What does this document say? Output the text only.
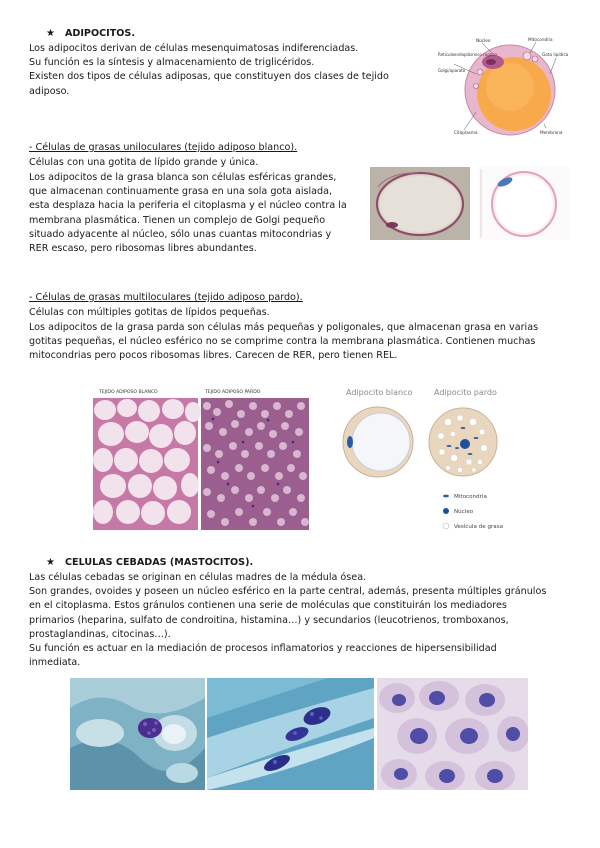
★ ADIPOCITOS.

Los adipocitos derivan de células mesenquimatosas indiferenciadas.

Su función es la síntesis y almacenamiento de triglicéridos.

Existen dos tipos de células adiposas, que constituyen dos clases de tejido

adiposo.

Núcleo	Mitocondria
Reticuloendoplásmico rugoso
Golgi/aparato
Gota lipídica
Citoplasma	Membrana
- Células de grasas uniloculares (tejido adiposo blanco).
Células con una gotita de lípido grande y única.

Los adipocitos de la grasa blanca son células esféricas grandes,

que almacenan continuamente grasa en una sola gota aislada,

esta desplaza hacia la periferia el citoplasma y el núcleo contra la

membrana plasmática. Tienen un complejo de Golgi pequeño

situado adyacente al núcleo, sólo unas cuantas mitocondrias y

RER escaso, pero ribosomas libres abundantes.

- Células de grasas multiloculares (tejido adiposo pardo).
Células con múltiples gotitas de lípidos pequeñas.

Los adipocitos de la grasa parda son células más pequeñas y poligonales, que almacenan grasa en varias

gotitas pequeñas, el núcleo esférico no se comprime contra la membrana plasmática. Contienen muchas

mitocondrias pero pocos ribosomas libres. Carecen de RER, pero tienen REL.

TEJIDO ADIPOSO BLANCO	TEJIDO ADIPOSO PARDO	Adipocito blanco	Adipocito pardo
Mitocondria
Núcleo
Vesícula de grasa
★ CELULAS CEBADAS (MASTOCITOS).

Las células cebadas se originan en células madres de la médula ósea.

Son grandes, ovoides y poseen un núcleo esférico en la parte central, además, presenta múltiples gránulos

en el citoplasma. Estos gránulos contienen una serie de moléculas que constituirán los mediadores

primarios (heparina, sulfato de condroitina, histamina…) y secundarios (leucotrienos, tromboxanos,

prostaglandinas, citocinas…).

Su función es actuar en la mediación de procesos inflamatorios y reacciones de hipersensibilidad

inmediata.
